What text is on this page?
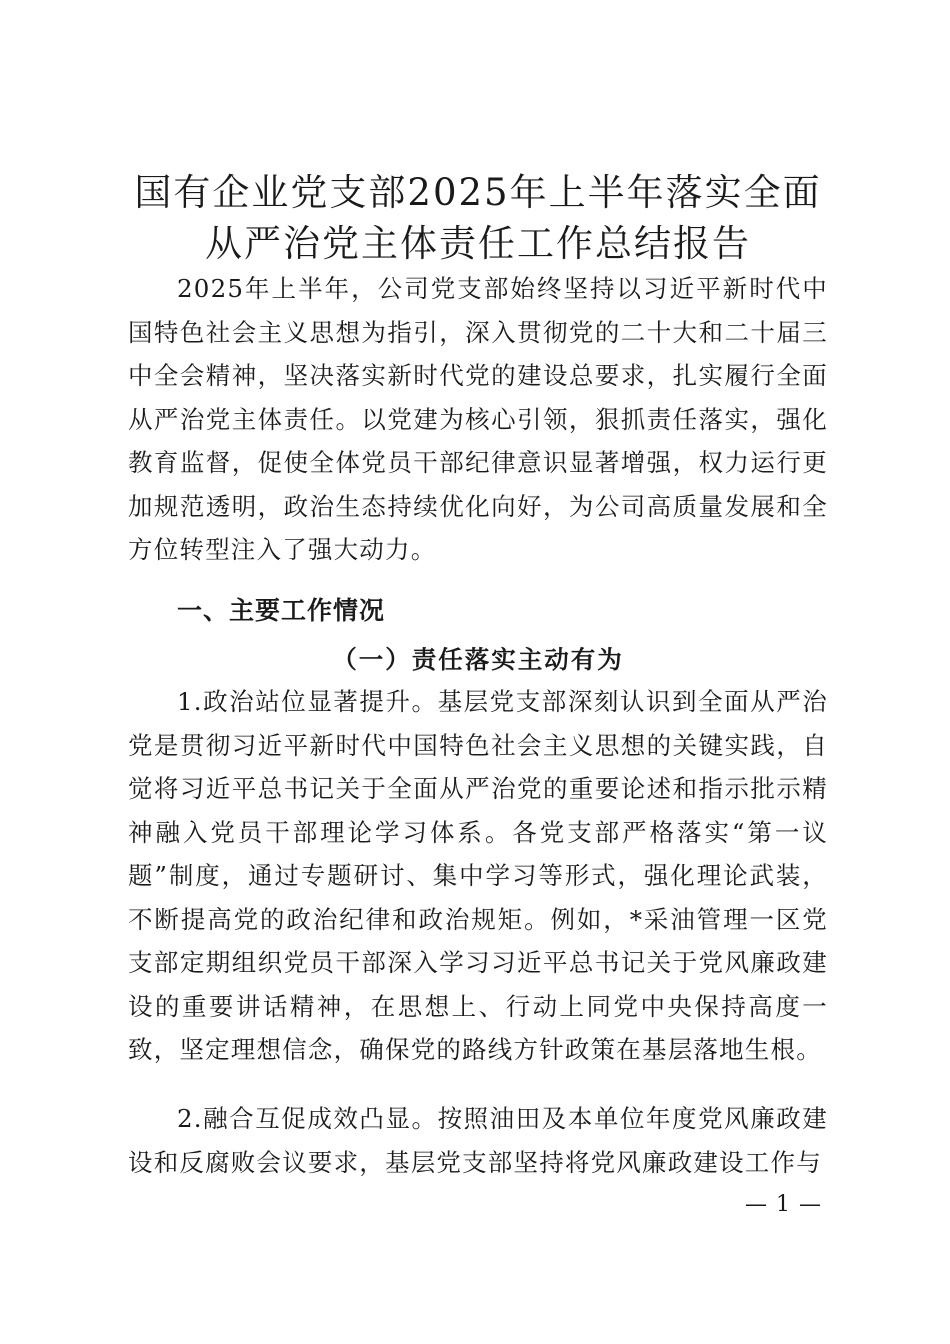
国有企业党支部2025年上半年落实全面从严治党主体责任工作总结报告

2025年上半年，公司党支部始终坚持以习近平新时代中国特色社会主义思想为指引，深入贯彻党的二十大和二十届三中全会精神，坚决落实新时代党的建设总要求，扎实履行全面从严治党主体责任。以党建为核心引领，狠抓责任落实，强化教育监督，促使全体党员干部纪律意识显著增强，权力运行更加规范透明，政治生态持续优化向好，为公司高质量发展和全方位转型注入了强大动力。

一、主要工作情况
（一）责任落实主动有为

1.政治站位显著提升。基层党支部深刻认识到全面从严治党是贯彻习近平新时代中国特色社会主义思想的关键实践，自觉将习近平总书记关于全面从严治党的重要论述和指示批示精神融入党员干部理论学习体系。各党支部严格落实“第一议题”制度，通过专题研讨、集中学习等形式，强化理论武装，不断提高党的政治纪律和政治规矩。例如，*采油管理一区党支部定期组织党员干部深入学习习近平总书记关于党风廉政建设的重要讲话精神，在思想上、行动上同党中央保持高度一致，坚定理想信念，确保党的路线方针政策在基层落地生根。

2.融合互促成效凸显。按照油田及本单位年度党风廉政建设和反腐败会议要求，基层党支部坚持将党风廉政建设工作与

— 1 —
